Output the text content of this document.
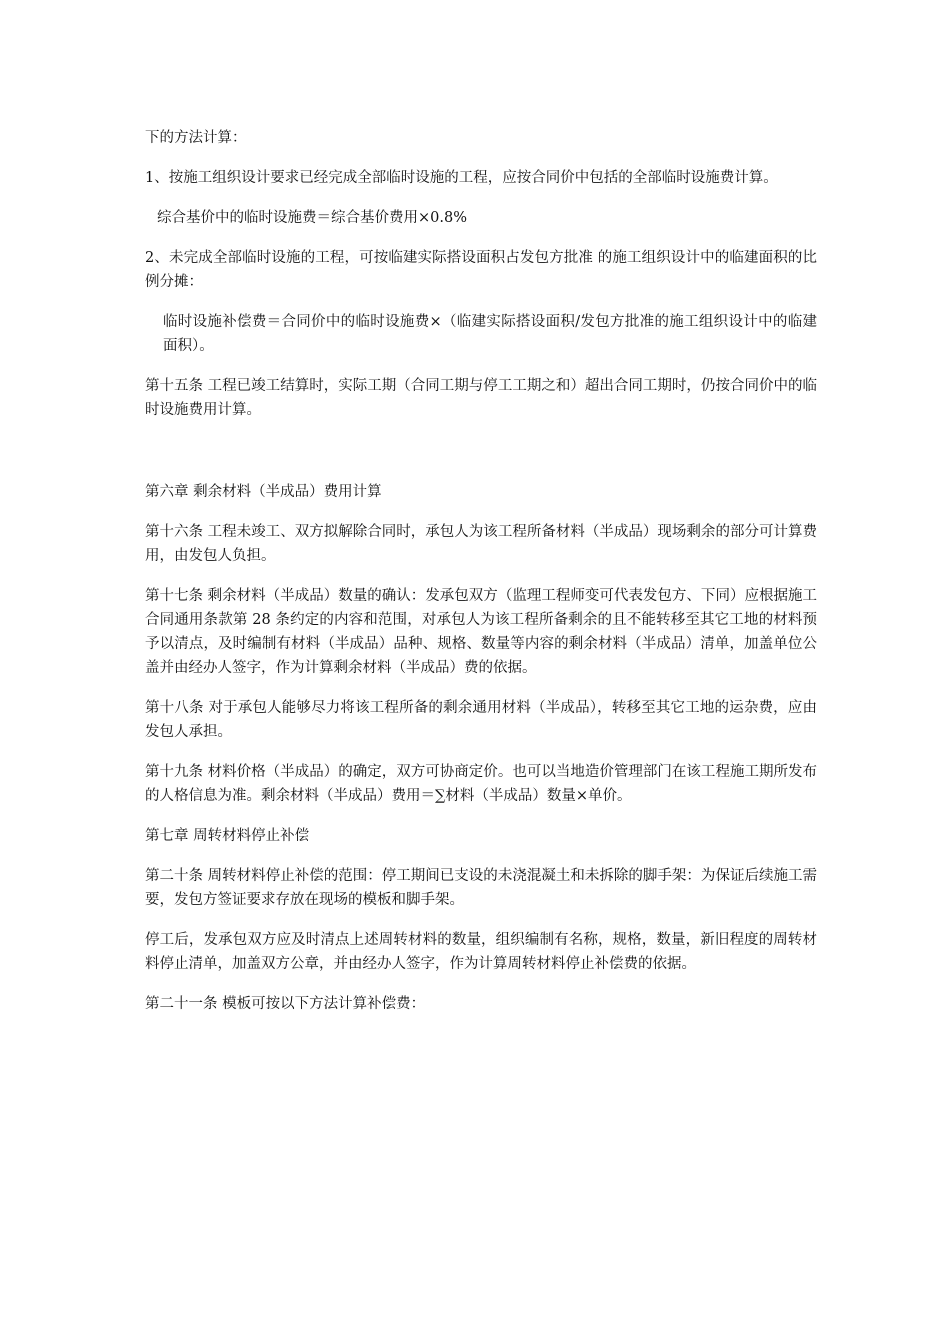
下的方法计算：

1、按施工组织设计要求已经完成全部临时设施的工程，应按合同价中包括的全部临时设施费计算。

综合基价中的临时设施费＝综合基价费用×0.8%

2、未完成全部临时设施的工程，可按临建实际搭设面积占发包方批准 的施工组织设计中的临建面积的比例分摊：

临时设施补偿费＝合同价中的临时设施费×（临建实际搭设面积/发包方批准的施工组织设计中的临建面积）。

第十五条 工程已竣工结算时，实际工期（合同工期与停工工期之和）超出合同工期时，仍按合同价中的临时设施费用计算。

第六章 剩余材料（半成品）费用计算

第十六条 工程未竣工、双方拟解除合同时，承包人为该工程所备材料（半成品）现场剩余的部分可计算费用，由发包人负担。

第十七条 剩余材料（半成品）数量的确认：发承包双方（监理工程师变可代表发包方、下同）应根据施工合同通用条款第 28 条约定的内容和范围，对承包人为该工程所备剩余的且不能转移至其它工地的材料预予以清点，及时编制有材料（半成品）品种、规格、数量等内容的剩余材料（半成品）清单，加盖单位公盖并由经办人签字，作为计算剩余材料（半成品）费的依据。

第十八条 对于承包人能够尽力将该工程所备的剩余通用材料（半成品），转移至其它工地的运杂费，应由发包人承担。

第十九条 材料价格（半成品）的确定，双方可协商定价。也可以当地造价管理部门在该工程施工期所发布的人格信息为准。剩余材料（半成品）费用＝∑材料（半成品）数量×单价。

第七章 周转材料停止补偿

第二十条 周转材料停止补偿的范围：停工期间已支设的未浇混凝土和未拆除的脚手架：为保证后续施工需要，发包方签证要求存放在现场的模板和脚手架。

停工后，发承包双方应及时清点上述周转材料的数量，组织编制有名称，规格，数量，新旧程度的周转材料停止清单，加盖双方公章，并由经办人签字，作为计算周转材料停止补偿费的依据。

第二十一条 模板可按以下方法计算补偿费：
